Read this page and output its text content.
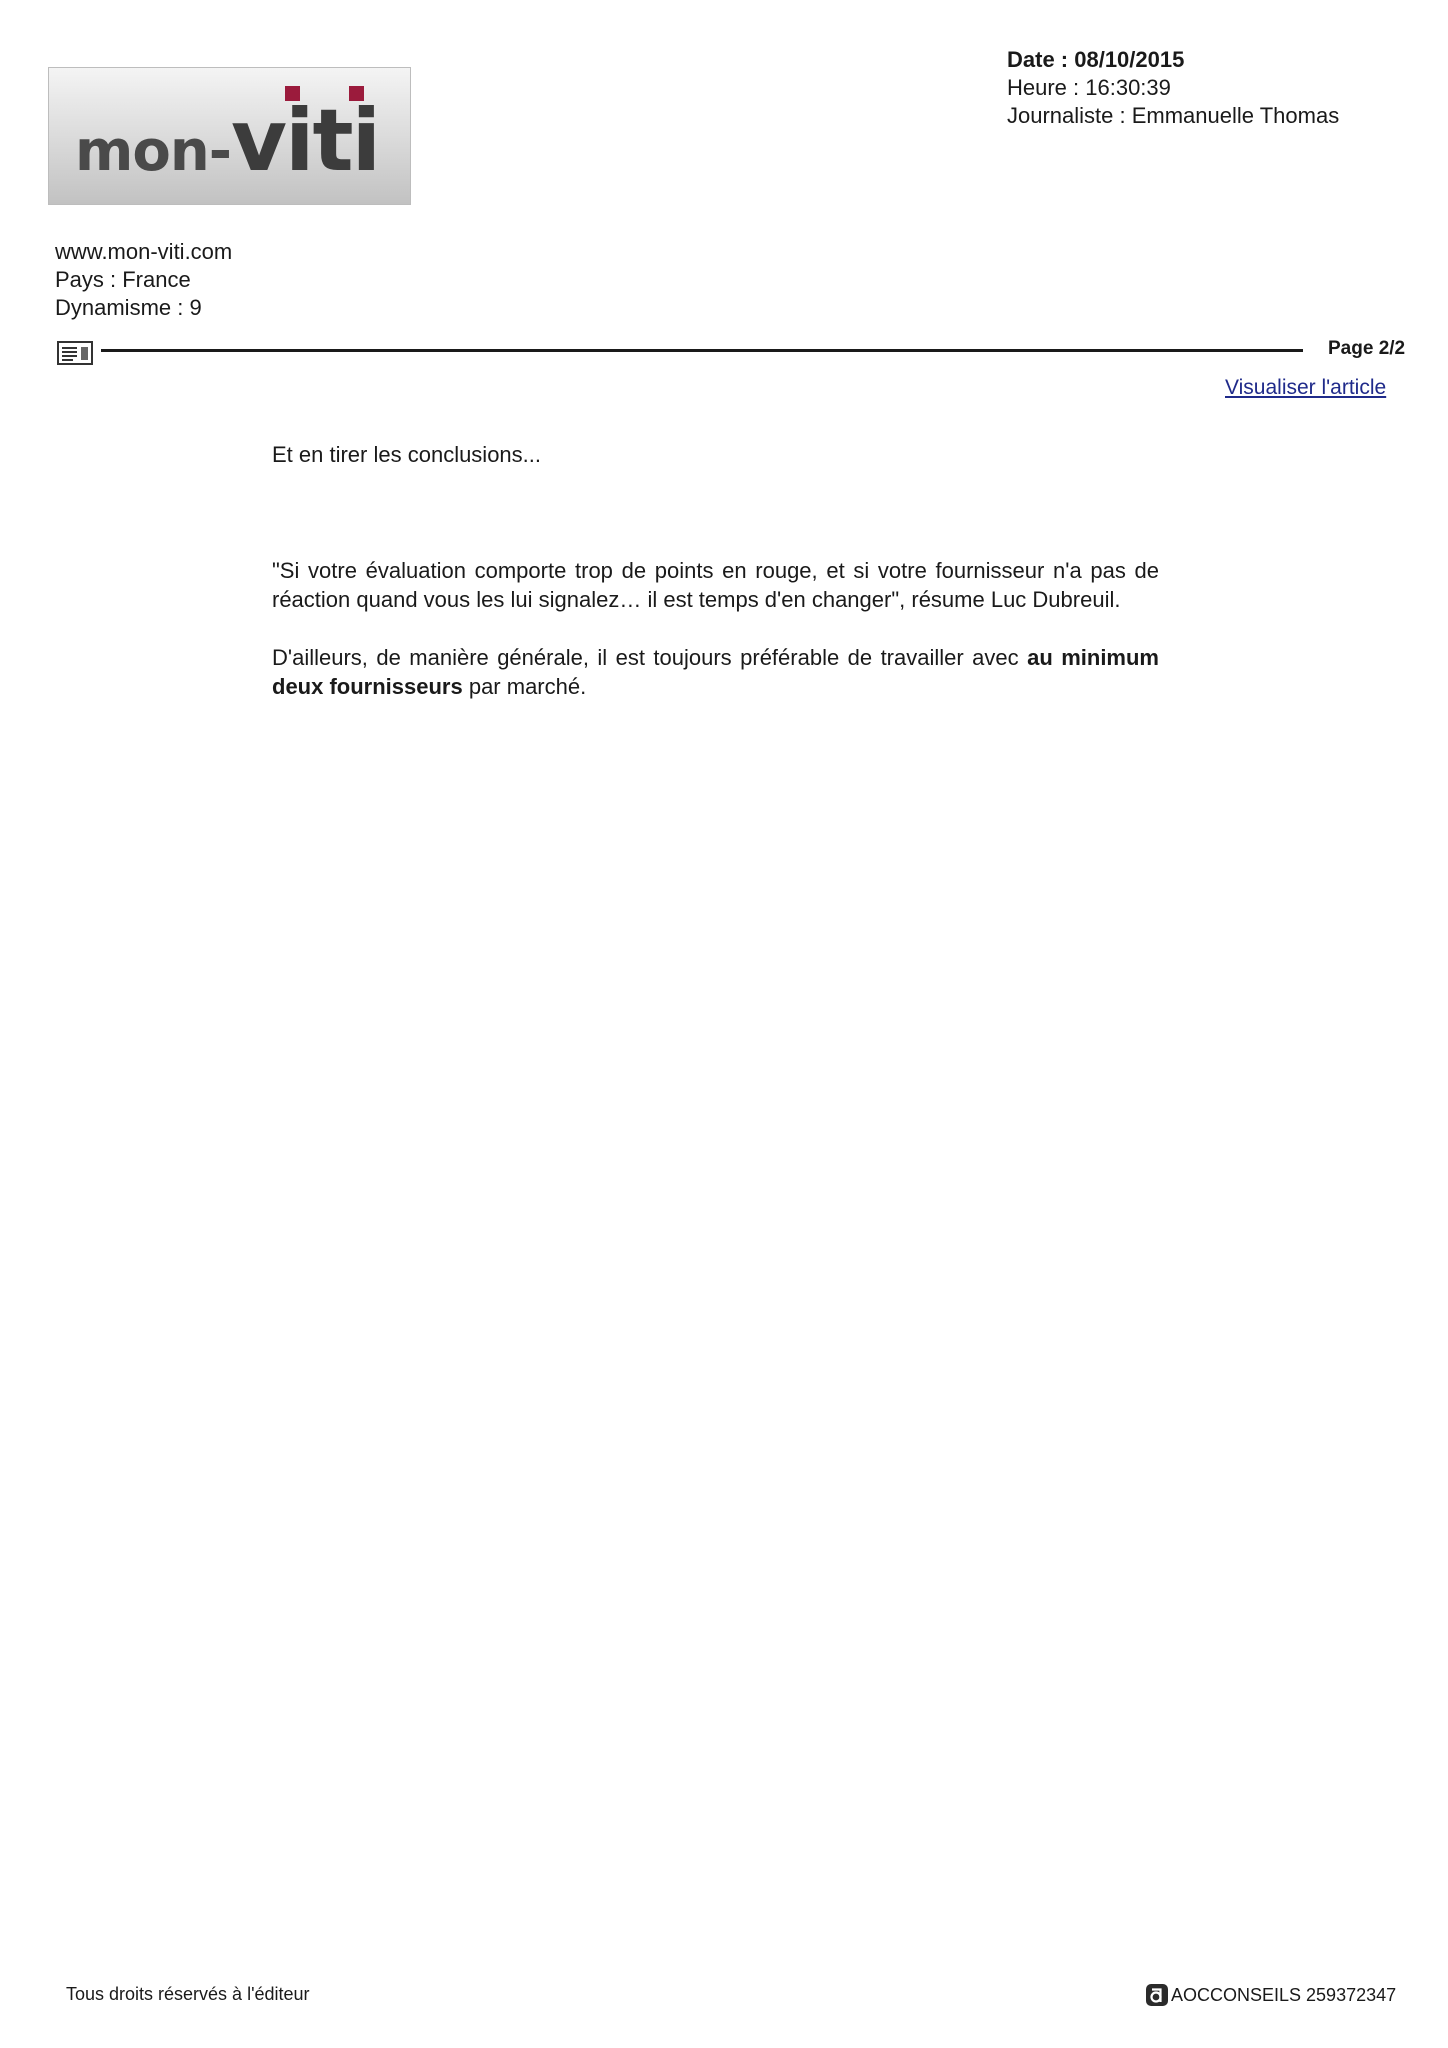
mon-viti
Date : 08/10/2015
Heure : 16:30:39
Journaliste : Emmanuelle Thomas
www.mon-viti.com
Pays : France
Dynamisme : 9
Page 2/2
Visualiser l'article

Et en tirer les conclusions...

"Si votre évaluation comporte trop de points en rouge, et si votre fournisseur n'a pas de réaction quand vous les lui signalez… il est temps d'en changer", résume Luc Dubreuil.

D'ailleurs, de manière générale, il est toujours préférable de travailler avec au minimum deux fournisseurs par marché.

Tous droits réservés à l'éditeur	AOCCONSEILS 259372347
